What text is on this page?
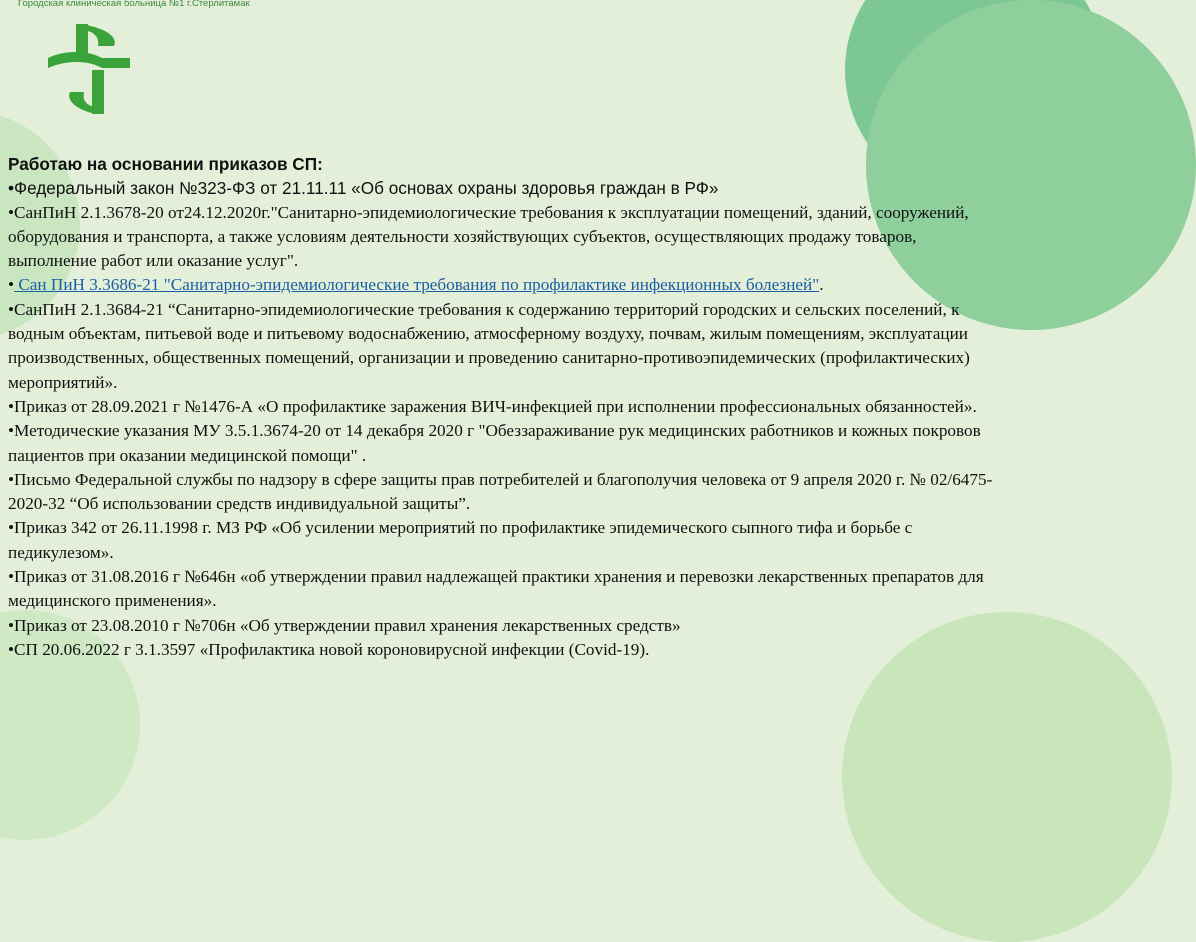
Городская клиническая больница №1 г.Стерлитамак

Работаю на основании приказов СП:

•Федеральный закон №323-ФЗ от 21.11.11 «Об основах охраны здоровья граждан в РФ»

•СанПиН 2.1.3678-20 от24.12.2020г."Санитарно-эпидемиологические требования к эксплуатации помещений, зданий, сооружений, оборудования и транспорта, а также условиям деятельности хозяйствующих субъектов, осуществляющих продажу товаров, выполнение работ или оказание услуг".

• Сан ПиН 3.3686-21 "Санитарно-эпидемиологические требования по профилактике инфекционных болезней".

•СанПиН 2.1.3684-21 “Санитарно-эпидемиологические требования к содержанию территорий городских и сельских поселений, к водным объектам, питьевой воде и питьевому водоснабжению, атмосферному воздуху, почвам, жилым помещениям, эксплуатации производственных, общественных помещений, организации и проведению санитарно-противоэпидемических (профилактических) мероприятий».

•Приказ от 28.09.2021 г №1476-А «О профилактике заражения ВИЧ-инфекцией при исполнении профессиональных обязанностей».

•Методические указания МУ 3.5.1.3674-20 от 14 декабря 2020 г "Обеззараживание рук медицинских работников и кожных покровов пациентов при оказании медицинской помощи" .

•Письмо Федеральной службы по надзору в сфере защиты прав потребителей и благополучия человека от 9 апреля 2020 г. № 02/6475-2020-32 “Об использовании средств индивидуальной защиты”.

•Приказ 342 от 26.11.1998 г. МЗ РФ «Об усилении мероприятий по профилактике эпидемического сыпного тифа и борьбе с педикулезом».

•Приказ от 31.08.2016 г №646н «об утверждении правил надлежащей практики хранения и перевозки лекарственных препаратов для медицинского применения».

•Приказ от 23.08.2010 г №706н «Об утверждении правил хранения лекарственных средств»

•СП 20.06.2022 г 3.1.3597 «Профилактика новой короновирусной инфекции (Covid-19).
